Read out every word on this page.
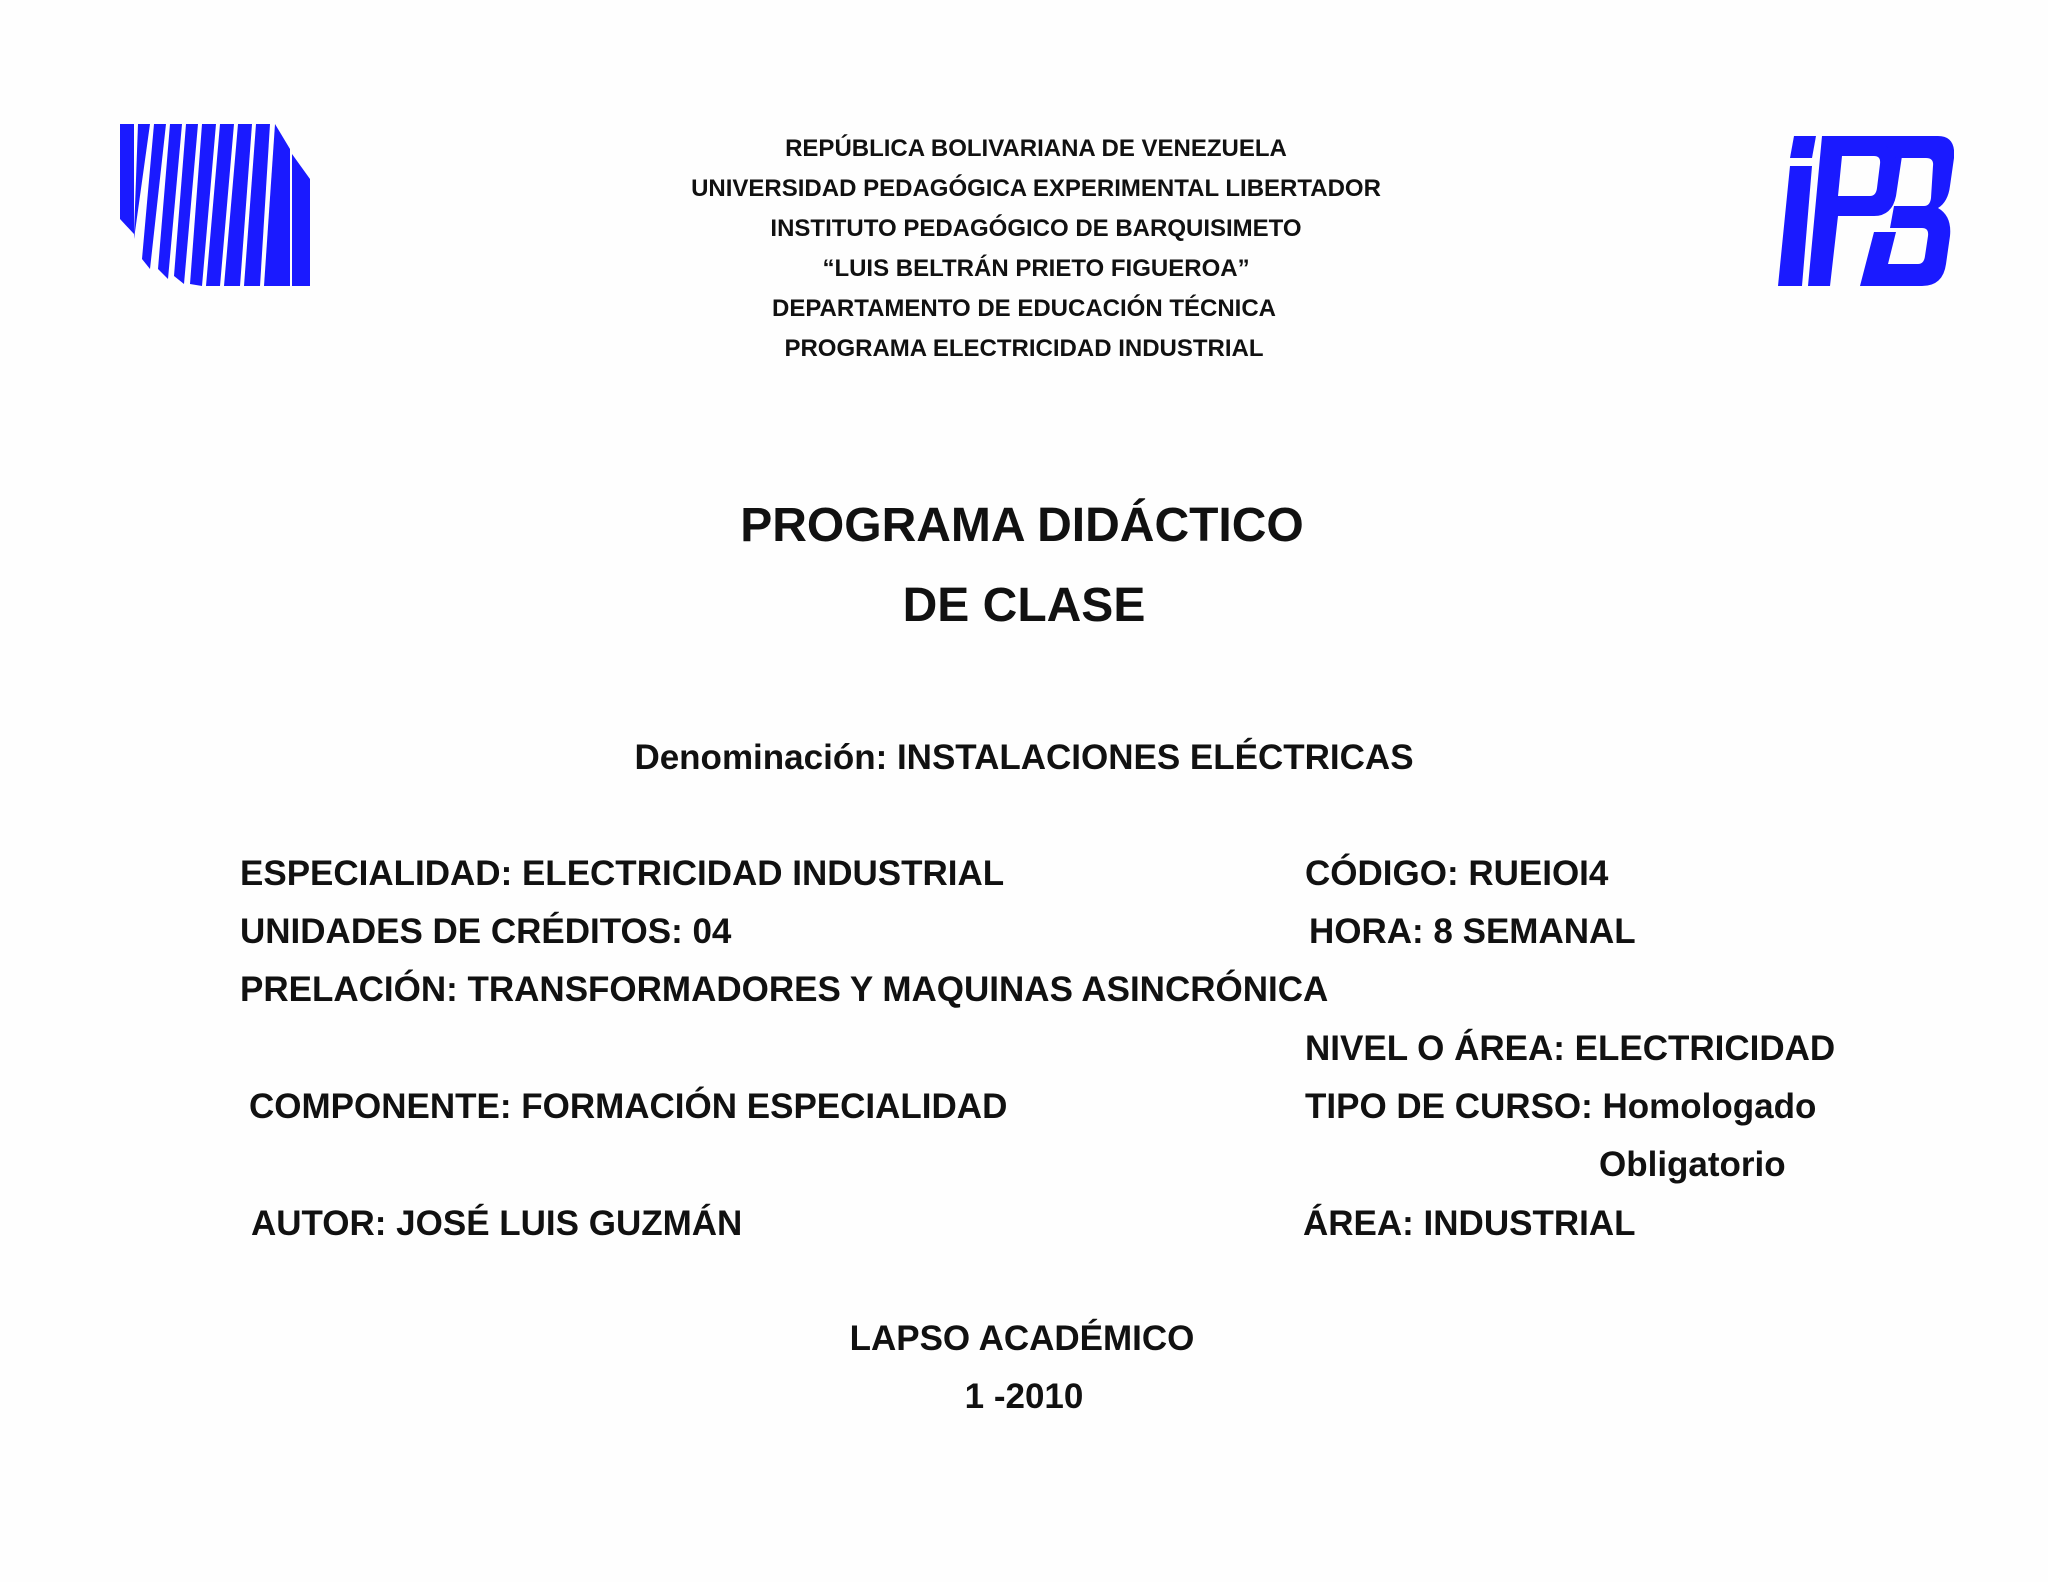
REPÚBLICA BOLIVARIANA DE VENEZUELA
UNIVERSIDAD PEDAGÓGICA EXPERIMENTAL LIBERTADOR
INSTITUTO PEDAGÓGICO DE BARQUISIMETO
“LUIS BELTRÁN PRIETO FIGUEROA”
DEPARTAMENTO DE EDUCACIÓN TÉCNICA
PROGRAMA ELECTRICIDAD INDUSTRIAL
PROGRAMA DIDÁCTICO
DE CLASE
Denominación: INSTALACIONES ELÉCTRICAS
ESPECIALIDAD: ELECTRICIDAD INDUSTRIAL
UNIDADES DE CRÉDITOS: 04
PRELACIÓN: TRANSFORMADORES Y MAQUINAS ASINCRÓNICA
COMPONENTE: FORMACIÓN ESPECIALIDAD
AUTOR: JOSÉ LUIS GUZMÁN
CÓDIGO: RUEIOI4
HORA: 8 SEMANAL
NIVEL O ÁREA: ELECTRICIDAD
TIPO DE CURSO: Homologado
Obligatorio
ÁREA: INDUSTRIAL
LAPSO ACADÉMICO
1 -2010
